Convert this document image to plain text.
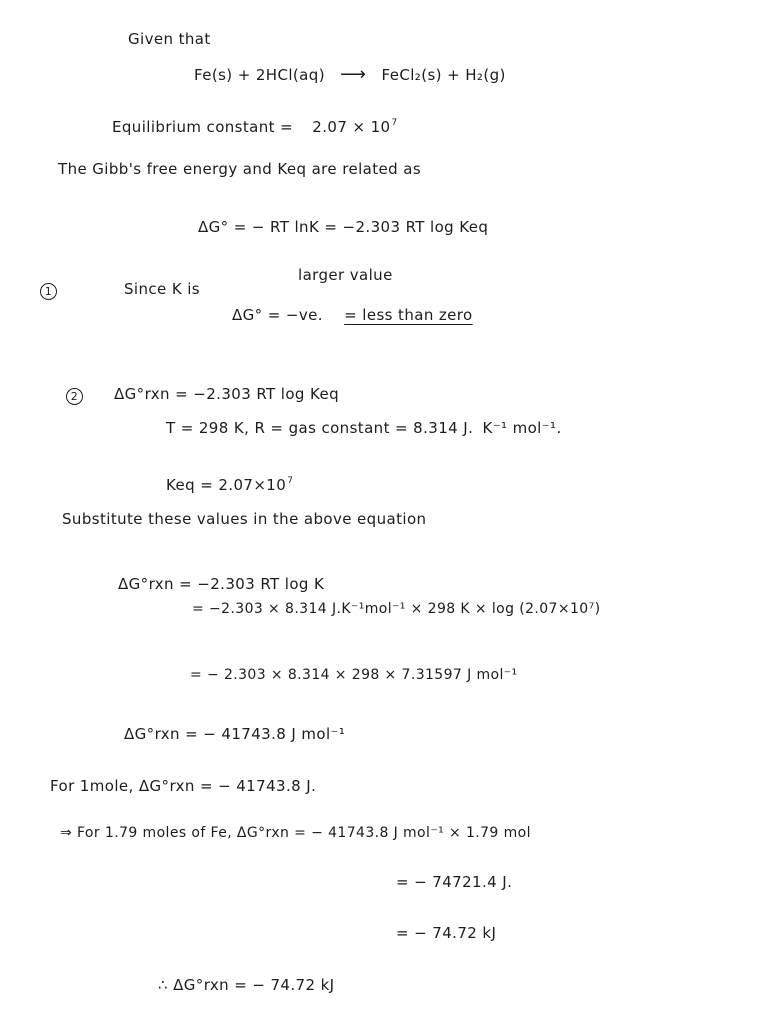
Given that
Fe(s) + 2HCl(aq) ⟶ FeCl₂(s) + H₂(g)
Equilibrium constant = $2.07 \times 10^7$
The Gibb's free energy and Keq are related as
ΔG° = − RT lnK = −2.303 RT log Keq
1	Since K is
larger value
ΔG° = −ve. = less than zero
2	ΔG°rxn = −2.303 RT log Keq
T = 298 K, R = gas constant = 8.314 J. K⁻¹ mol⁻¹.
Keq = $2.07\times 10^7$
Substitute these values in the above equation
ΔG°rxn = −2.303 RT log K
= −2.303 × 8.314 J.K⁻¹mol⁻¹ × 298 K × log (2.07×10⁷)
= − 2.303 × 8.314 × 298 × 7.31597 J mol⁻¹
ΔG°rxn = − 41743.8 J mol⁻¹
For 1mole, ΔG°rxn = − 41743.8 J.
⇒ For 1.79 moles of Fe, ΔG°rxn = − 41743.8 J mol⁻¹ × 1.79 mol
= − 74721.4 J.
= − 74.72 kJ
∴ ΔG°rxn = − 74.72 kJ
